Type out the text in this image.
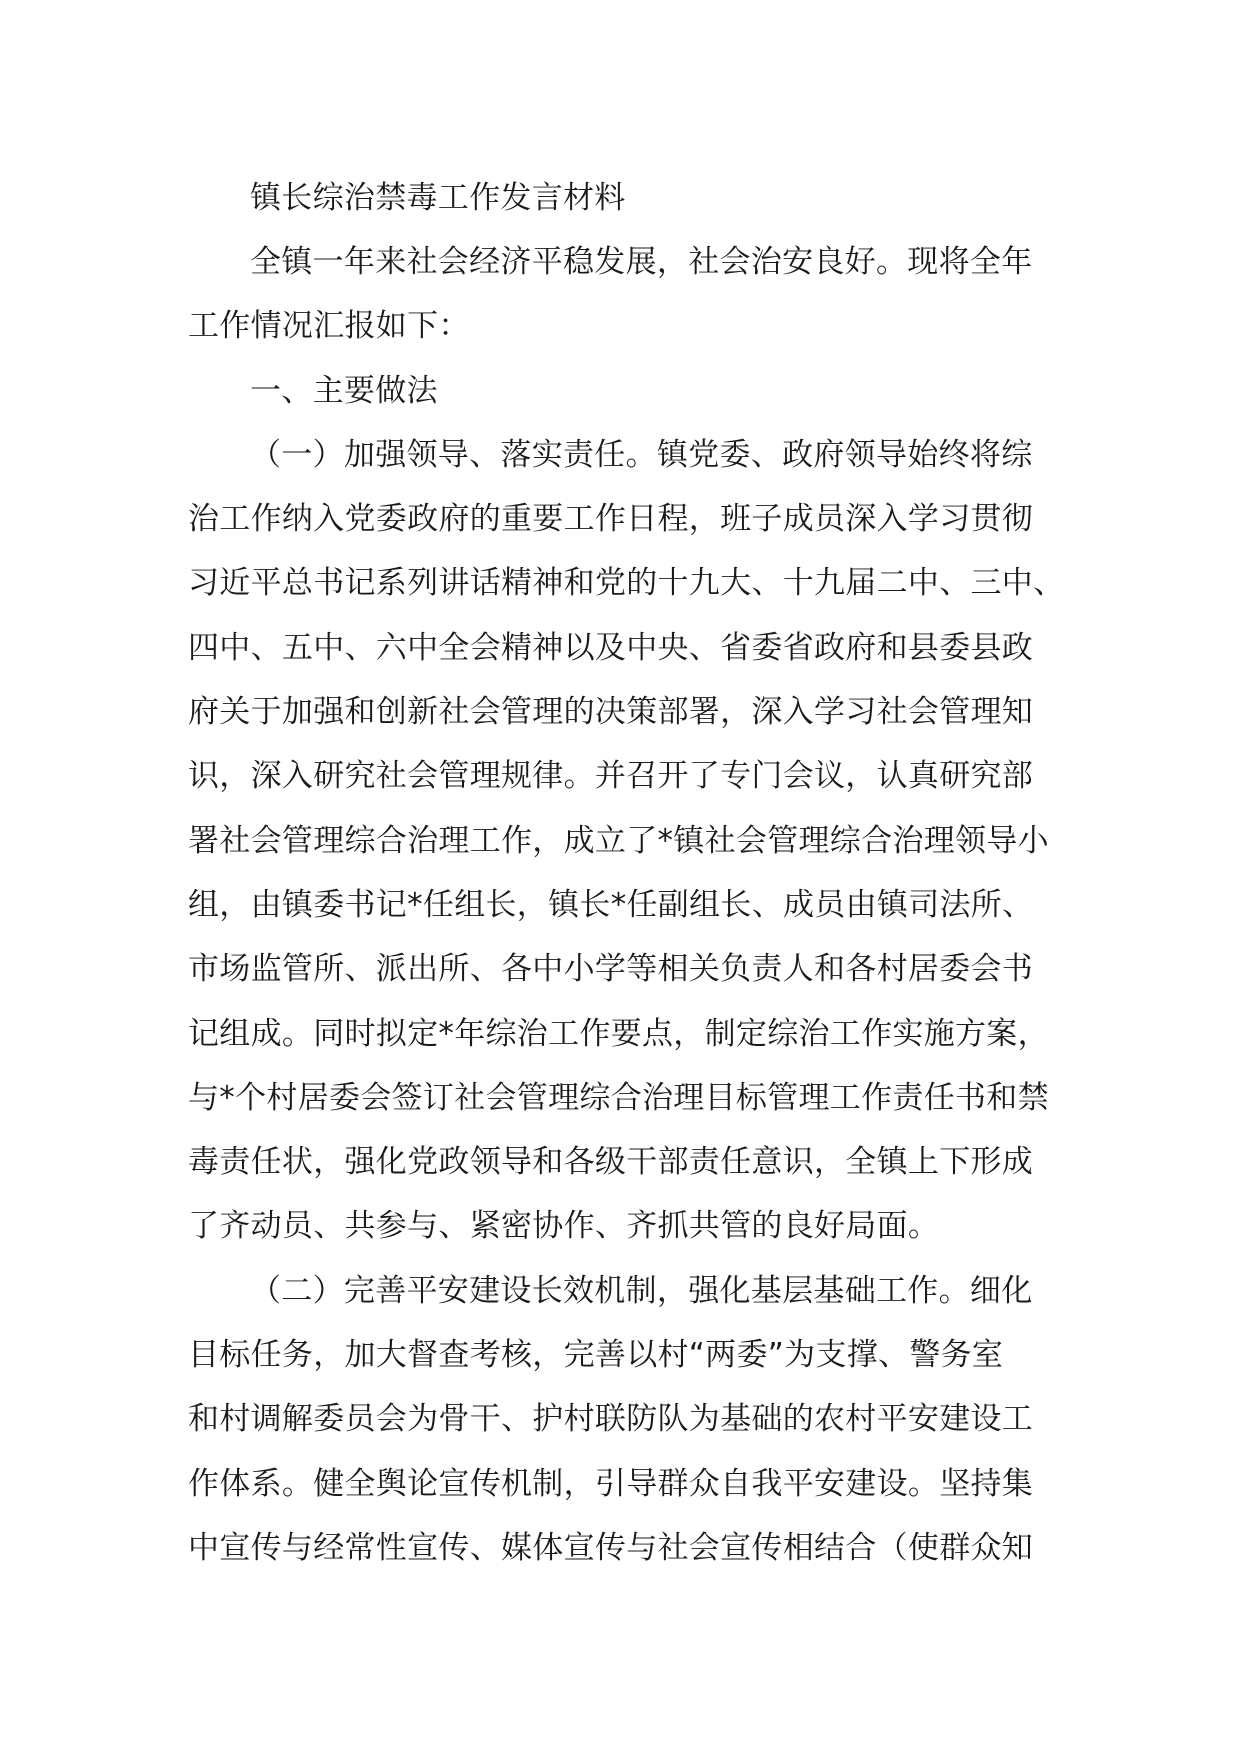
镇长综治禁毒工作发言材料
全镇一年来社会经济平稳发展，社会治安良好。现将全年
工作情况汇报如下：
一、主要做法
（一）加强领导、落实责任。镇党委、政府领导始终将综
治工作纳入党委政府的重要工作日程，班子成员深入学习贯彻
习近平总书记系列讲话精神和党的十九大、十九届二中、三中、
四中、五中、六中全会精神以及中央、省委省政府和县委县政
府关于加强和创新社会管理的决策部署，深入学习社会管理知
识，深入研究社会管理规律。并召开了专门会议，认真研究部
署社会管理综合治理工作，成立了*镇社会管理综合治理领导小
组，由镇委书记*任组长，镇长*任副组长、成员由镇司法所、
市场监管所、派出所、各中小学等相关负责人和各村居委会书
记组成。同时拟定*年综治工作要点，制定综治工作实施方案，
与*个村居委会签订社会管理综合治理目标管理工作责任书和禁
毒责任状，强化党政领导和各级干部责任意识，全镇上下形成
了齐动员、共参与、紧密协作、齐抓共管的良好局面。
（二）完善平安建设长效机制，强化基层基础工作。细化
目标任务，加大督查考核，完善以村“两委”为支撑、警务室
和村调解委员会为骨干、护村联防队为基础的农村平安建设工
作体系。健全舆论宣传机制，引导群众自我平安建设。坚持集
中宣传与经常性宣传、媒体宣传与社会宣传相结合（使群众知
